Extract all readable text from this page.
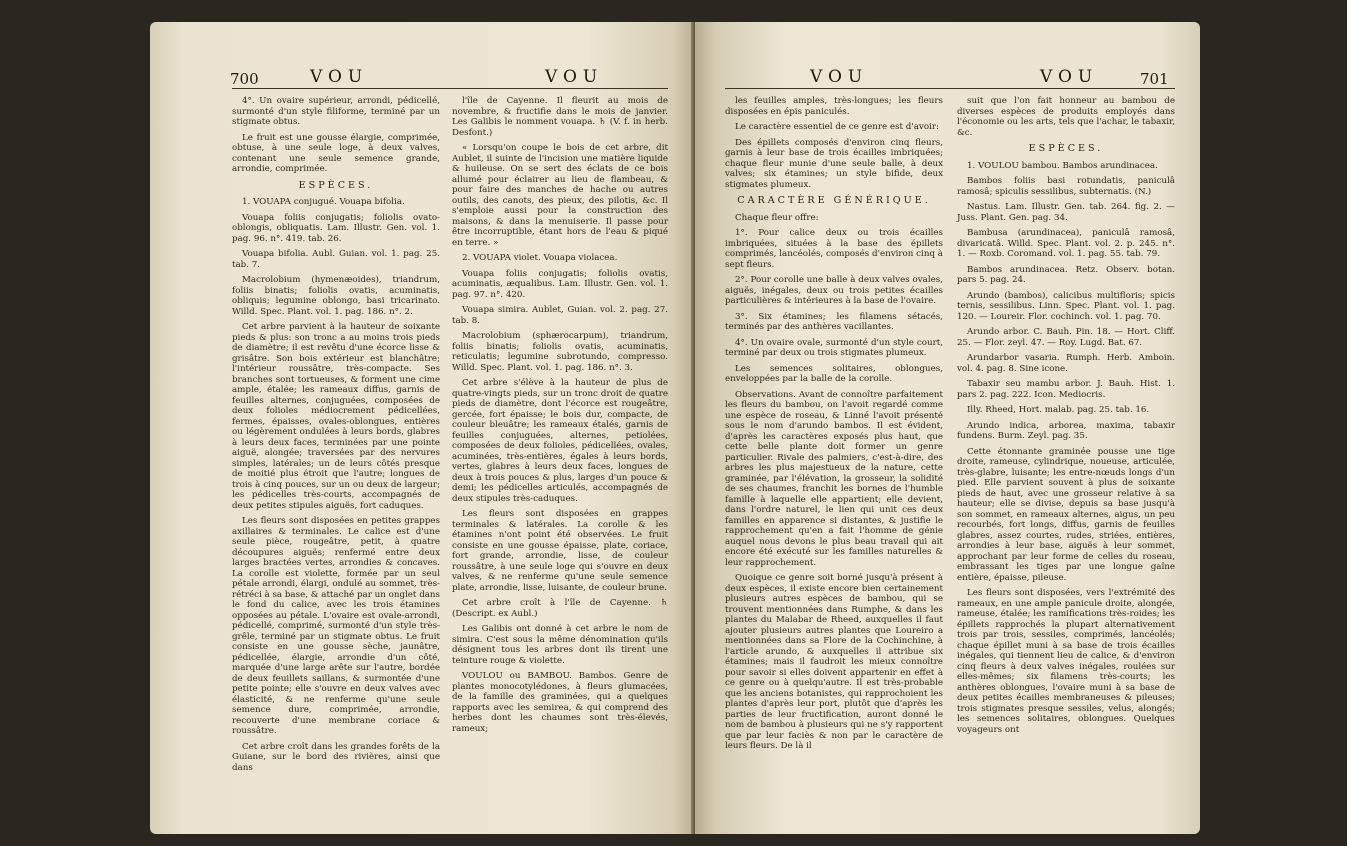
700	VOU	VOU

4°. Un ovaire supérieur, arrondi, pédicellé, surmonté d'un style filiforme, terminé par un stigmate obtus.

Le fruit est une gousse élargie, comprimée, obtuse, à une seule loge, à deux valves, contenant une seule semence grande, arrondie, comprimée.

ESPÈCES.

1. VOUAPA conjugué. Vouapa bifolia.

Vouapa foliis conjugatis; foliolis ovato-oblongis, obliquatis. Lam. Illustr. Gen. vol. 1. pag. 96. n°. 419. tab. 26.

Vouapa bifolia. Aubl. Guian. vol. 1. pag. 25. tab. 7.

Macrolobium (hymenæoides), triandrum, foliis binatis; foliolis ovatis, acuminatis, obliquis; legumine oblongo, basi tricarinato. Willd. Spec. Plant. vol. 1. pag. 186. n°. 2.

Cet arbre parvient à la hauteur de soixante pieds & plus: son tronc a au moins trois pieds de diamètre; il est revêtu d'une écorce lisse & grisâtre. Son bois extérieur est blanchâtre; l'intérieur roussâtre, très-compacte. Ses branches sont tortueuses, & forment une cime ample, étalée; les rameaux diffus, garnis de feuilles alternes, conjuguées, composées de deux folioles médiocrement pédicellées, fermes, épaisses, ovales-oblongues, entières ou légèrement ondulées à leurs bords, glabres à leurs deux faces, terminées par une pointe aiguë, alongée; traversées par des nervures simples, latérales; un de leurs côtés presque de moitié plus étroit que l'autre; longues de trois à cinq pouces, sur un ou deux de largeur; les pédicelles très-courts, accompagnés de deux petites stipules aiguës, fort caduques.

Les fleurs sont disposées en petites grappes axillaires & terminales. Le calice est d'une seule pièce, rougeâtre, petit, à quatre découpures aiguës; renfermé entre deux larges bractées vertes, arrondies & concaves. La corolle est violette, formée par un seul pétale arrondi, élargi, ondulé au sommet, très-rétréci à sa base, & attaché par un onglet dans le fond du calice, avec les trois étamines opposées au pétale. L'ovaire est ovale-arrondi, pédicellé, comprimé, surmonté d'un style très-grêle, terminé par un stigmate obtus. Le fruit consiste en une gousse sèche, jaunâtre, pédicellée, élargie, arrondie d'un côté, marquée d'une large arête sur l'autre, bordée de deux feuillets saillans, & surmontée d'une petite pointe; elle s'ouvre en deux valves avec élasticité, & ne renferme qu'une seule semence dure, comprimée, arrondie, recouverte d'une membrane coriace & roussâtre.

Cet arbre croît dans les grandes forêts de la Guiane, sur le bord des rivières, ainsi que dans

l'île de Cayenne. Il fleurit au mois de novembre, & fructifie dans le mois de janvier. Les Galibis le nomment vouapa. ♄ (V. f. in herb. Desfont.)

« Lorsqu'on coupe le bois de cet arbre, dit Aublet, il suinte de l'incision une matière liquide & huileuse. On se sert des éclats de ce bois allumé pour éclairer au lieu de flambeau, & pour faire des manches de hache ou autres outils, des canots, des pieux, des pilotis, &c. Il s'emploie aussi pour la construction des maisons, & dans la menuiserie. Il passe pour être incorruptible, étant hors de l'eau & piqué en terre. »

2. VOUAPA violet. Vouapa violacea.

Vouapa foliis conjugatis; foliolis ovatis, acuminatis, æqualibus. Lam. Illustr. Gen. vol. 1. pag. 97. n°. 420.

Vouapa simira. Aublet, Guian. vol. 2. pag. 27. tab. 8.

Macrolobium (sphærocarpum), triandrum, foliis binatis; foliolis ovatis, acuminatis, reticulatis; legumine subrotundo, compresso. Willd. Spec. Plant. vol. 1. pag. 186. n°. 3.

Cet arbre s'élève à la hauteur de plus de quatre-vingts pieds, sur un tronc droit de quatre pieds de diamètre, dont l'écorce est rougeâtre, gercée, fort épaisse; le bois dur, compacte, de couleur bleuâtre; les rameaux étalés, garnis de feuilles conjuguées, alternes, petiolées, composées de deux folioles, pédicellées, ovales, acuminées, très-entières, égales à leurs bords, vertes, glabres à leurs deux faces, longues de deux à trois pouces & plus, larges d'un pouce & demi; les pédicelles articulés, accompagnés de deux stipules très-caduques.

Les fleurs sont disposées en grappes terminales & latérales. La corolle & les étamines n'ont point été observées. Le fruit consiste en une gousse épaisse, plate, coriace, fort grande, arrondie, lisse, de couleur roussâtre, à une seule loge qui s'ouvre en deux valves, & ne renferme qu'une seule semence plate, arrondie, lisse, luisante, de couleur brune.

Cet arbre croît à l'île de Cayenne. ♄ (Descript. ex Aubl.)

Les Galibis ont donné à cet arbre le nom de simira. C'est sous la même dénomination qu'ils désignent tous les arbres dont ils tirent une teinture rouge & violette.

VOULOU ou BAMBOU. Bambos. Genre de plantes monocotylédones, à fleurs glumacées, de la famille des graminées, qui a quelques rapports avec les semirea, & qui comprend des herbes dont les chaumes sont très-élevés, rameux;

VOU	VOU	701

les feuilles amples, très-longues; les fleurs disposées en épis paniculés.

Le caractère essentiel de ce genre est d'avoir:

Des épillets composés d'environ cinq fleurs, garnis à leur base de trois écailles imbriquées; chaque fleur munie d'une seule balle, à deux valves; six étamines; un style bifide, deux stigmates plumeux.

CARACTÈRE GÉNÉRIQUE.

Chaque fleur offre:

1°. Pour calice deux ou trois écailles imbriquées, situées à la base des épillets comprimés, lancéolés, composés d'environ cinq à sept fleurs.

2°. Pour corolle une balle à deux valves ovales, aiguës, inégales, deux ou trois petites écailles particulières & intérieures à la base de l'ovaire.

3°. Six étamines; les filamens sétacés, terminés par des anthères vacillantes.

4°. Un ovaire ovale, surmonté d'un style court, terminé par deux ou trois stigmates plumeux.

Les semences solitaires, oblongues, enveloppées par la balle de la corolle.

Observations. Avant de connoître parfaitement les fleurs du bambou, on l'avoit regardé comme une espèce de roseau, & Linné l'avoit présenté sous le nom d'arundo bambos. Il est évident, d'après les caractères exposés plus haut, que cette belle plante doit former un genre particulier. Rivale des palmiers, c'est-à-dire, des arbres les plus majestueux de la nature, cette graminée, par l'élévation, la grosseur, la solidité de ses chaumes, franchit les bornes de l'humble famille à laquelle elle appartient; elle devient, dans l'ordre naturel, le lien qui unit ces deux familles en apparence si distantes, & justifie le rapprochement qu'en a fait l'homme de génie auquel nous devons le plus beau travail qui ait encore été exécuté sur les familles naturelles & leur rapprochement.

Quoique ce genre soit borné jusqu'à présent à deux espèces, il existe encore bien certainement plusieurs autres espèces de bambou, qui se trouvent mentionnées dans Rumphe, & dans les plantes du Malabar de Rheed, auxquelles il faut ajouter plusieurs autres plantes que Loureiro a mentionnées dans sa Flore de la Cochinchine, à l'article arundo, & auxquelles il attribue six étamines; mais il faudroit les mieux connoître pour savoir si elles doivent appartenir en effet à ce genre ou à quelqu'autre. Il est très-probable que les anciens botanistes, qui rapprochoient les plantes d'après leur port, plutôt que d'après les parties de leur fructification, auront donné le nom de bambou à plusieurs qui ne s'y rapportent que par leur faciès & non par le caractère de leurs fleurs. De là il

suit que l'on fait honneur au bambou de diverses espèces de produits employés dans l'économie ou les arts, tels que l'achar, le tabaxir, &c.

ESPÈCES.

1. VOULOU bambou. Bambos arundinacea.

Bambos foliis basi rotundatis, paniculâ ramosâ; spiculis sessilibus, subternatis. (N.)

Nastus. Lam. Illustr. Gen. tab. 264. fig. 2. — Juss. Plant. Gen. pag. 34.

Bambusa (arundinacea), paniculâ ramosâ, divaricatâ. Willd. Spec. Plant. vol. 2. p. 245. n°. 1. — Roxb. Coromand. vol. 1. pag. 55. tab. 79.

Bambos arundinacea. Retz. Observ. botan. pars 5. pag. 24.

Arundo (bambos), calicibus multifloris; spicis ternis, sessilibus. Linn. Spec. Plant. vol. 1. pag. 120. — Loureir. Flor. cochinch. vol. 1. pag. 70.

Arundo arbor. C. Bauh. Pin. 18. — Hort. Cliff. 25. — Flor. zeyl. 47. — Roy. Lugd. Bat. 67.

Arundarbor vasaria. Rumph. Herb. Amboin. vol. 4. pag. 8. Sine icone.

Tabaxir seu mambu arbor. J. Bauh. Hist. 1. pars 2. pag. 222. Icon. Mediocris.

Illy. Rheed, Hort. malab. pag. 25. tab. 16.

Arundo indica, arborea, maxima, tabaxir fundens. Burm. Zeyl. pag. 35.

Cette étonnante graminée pousse une tige droite, rameuse, cylindrique, noueuse, articulée, très-glabre, luisante; les entre-nœuds longs d'un pied. Elle parvient souvent à plus de soixante pieds de haut, avec une grosseur relative à sa hauteur; elle se divise, depuis sa base jusqu'à son sommet, en rameaux alternes, aigus, un peu recourbés, fort longs, diffus, garnis de feuilles glabres, assez courtes, rudes, striées, entières, arrondies à leur base, aiguës à leur sommet, approchant par leur forme de celles du roseau, embrassant les tiges par une longue gaîne entière, épaisse, pileuse.

Les fleurs sont disposées, vers l'extrémité des rameaux, en une ample panicule droite, alongée, rameuse, étalée; les ramifications très-roides; les épillets rapprochés la plupart alternativement trois par trois, sessiles, comprimés, lancéolés; chaque épillet muni à sa base de trois écailles inégales, qui tiennent lieu de calice, & d'environ cinq fleurs à deux valves inégales, roulées sur elles-mêmes; six filamens très-courts; les anthères oblongues, l'ovaire muni à sa base de deux petites écailles membraneuses & pileuses; trois stigmates presque sessiles, velus, alongés; les semences solitaires, oblongues. Quelques voyageurs ont
